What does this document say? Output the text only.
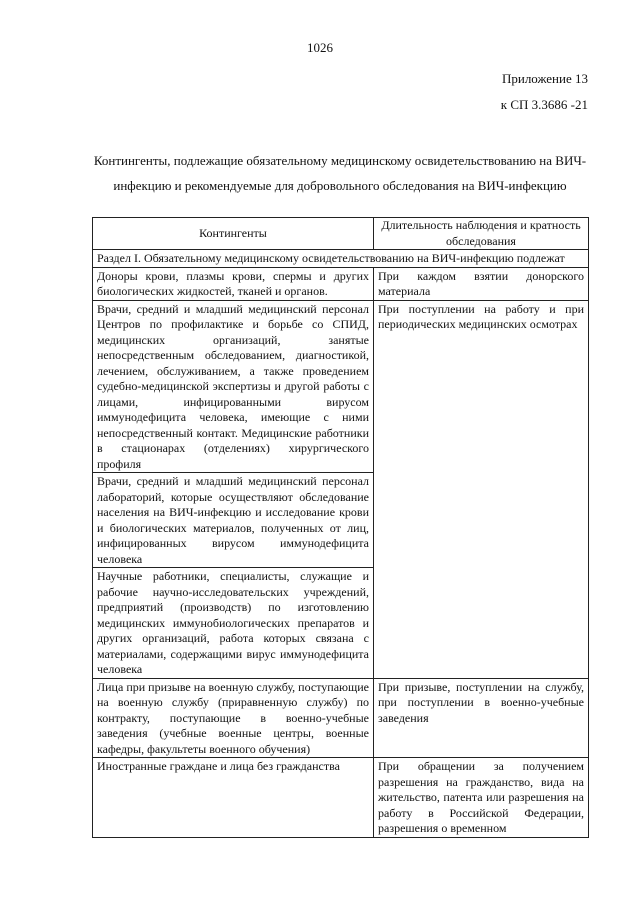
1026
Приложение 13
к СП 3.3686 -21
Контингенты, подлежащие обязательному медицинскому освидетельствованию на ВИЧ-инфекцию и рекомендуемые для добровольного обследования на ВИЧ-инфекцию
Контингенты	Длительность наблюдения и кратность обследования
Раздел I. Обязательному медицинскому освидетельствованию на ВИЧ-инфекцию подлежат	
Доноры крови, плазмы крови, спермы и других биологических жидкостей, тканей и органов.	При каждом взятии донорского материала
Врачи, средний и младший медицинский персонал Центров по профилактике и борьбе со СПИД, медицинских организаций, занятые непосредственным обследованием, диагностикой, лечением, обслуживанием, а также проведением судебно-медицинской экспертизы и другой работы с лицами, инфицированными вирусом иммунодефицита человека, имеющие с ними непосредственный контакт. Медицинские работники в стационарах (отделениях) хирургического профиля	При поступлении на работу и при периодических медицинских осмотрах
Врачи, средний и младший медицинский персонал лабораторий, которые осуществляют обследование населения на ВИЧ-инфекцию и исследование крови и биологических материалов, полученных от лиц, инфицированных вирусом иммунодефицита человека	
Научные работники, специалисты, служащие и рабочие научно-исследовательских учреждений, предприятий (производств) по изготовлению медицинских иммунобиологических препаратов и других организаций, работа которых связана с материалами, содержащими вирус иммунодефицита человека	
Лица при призыве на военную службу, поступающие на военную службу (приравненную службу) по контракту, поступающие в военно-учебные заведения (учебные военные центры, военные кафедры, факультеты военного обучения)	При призыве, поступлении на службу, при поступлении в военно-учебные заведения
Иностранные граждане и лица без гражданства	При обращении за получением разрешения на гражданство, вида на жительство, патента или разрешения на работу в Российской Федерации, разрешения о временном
